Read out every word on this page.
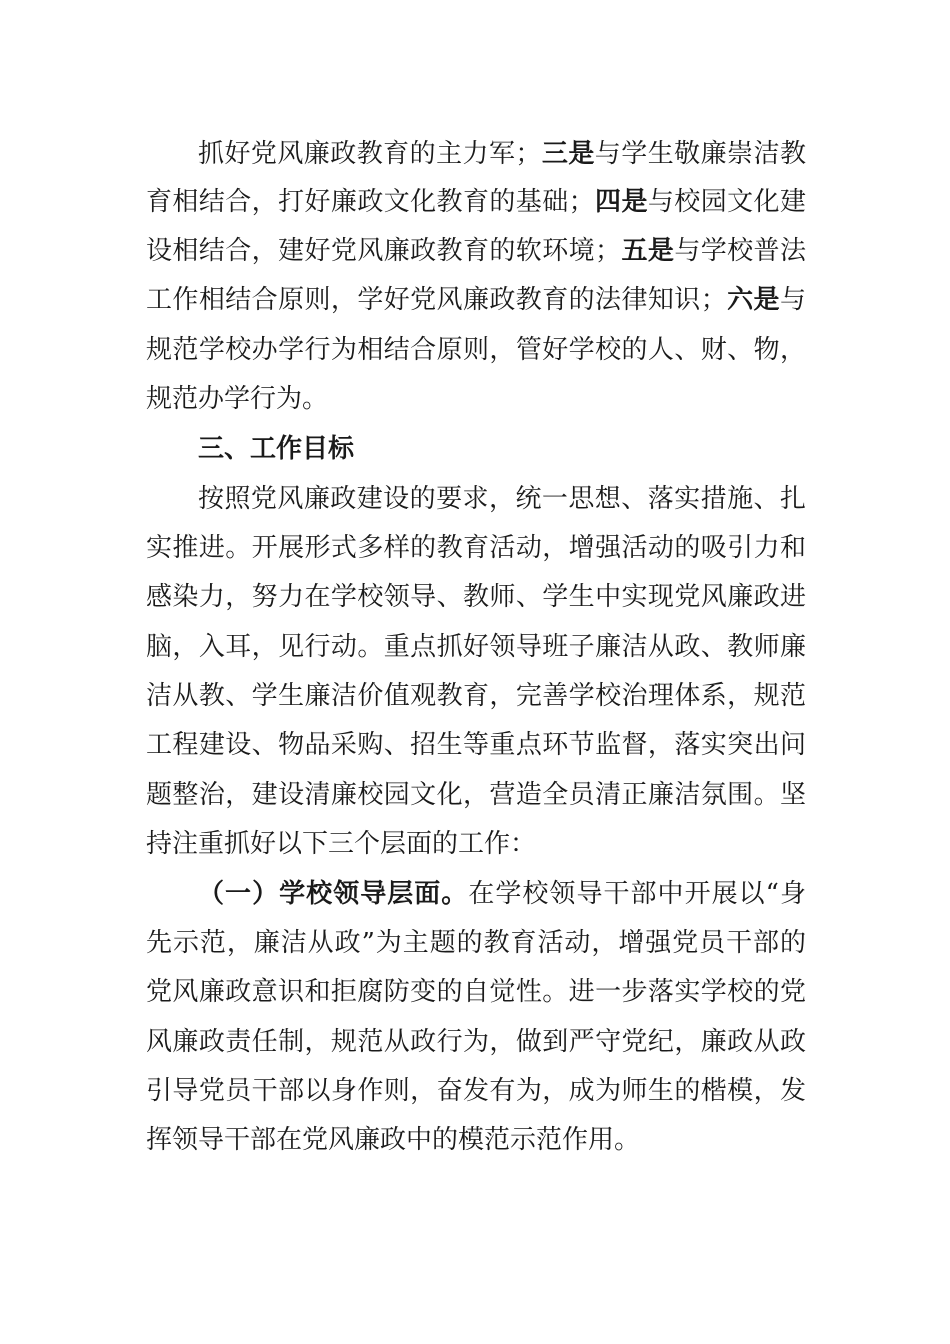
抓好党风廉政教育的主力军；三是与学生敬廉崇洁教
育相结合，打好廉政文化教育的基础；四是与校园文化建
设相结合，建好党风廉政教育的软环境；五是与学校普法
工作相结合原则，学好党风廉政教育的法律知识；六是与
规范学校办学行为相结合原则，管好学校的人、财、物，
规范办学行为。
三、工作目标
按照党风廉政建设的要求，统一思想、落实措施、扎
实推进。开展形式多样的教育活动，增强活动的吸引力和
感染力，努力在学校领导、教师、学生中实现党风廉政进
脑，入耳，见行动。重点抓好领导班子廉洁从政、教师廉
洁从教、学生廉洁价值观教育，完善学校治理体系，规范
工程建设、物品采购、招生等重点环节监督，落实突出问
题整治，建设清廉校园文化，营造全员清正廉洁氛围。坚
持注重抓好以下三个层面的工作：
（一）学校领导层面。在学校领导干部中开展以“身
先示范，廉洁从政”为主题的教育活动，增强党员干部的
党风廉政意识和拒腐防变的自觉性。进一步落实学校的党
风廉政责任制，规范从政行为，做到严守党纪，廉政从政
引导党员干部以身作则，奋发有为，成为师生的楷模，发
挥领导干部在党风廉政中的模范示范作用。
